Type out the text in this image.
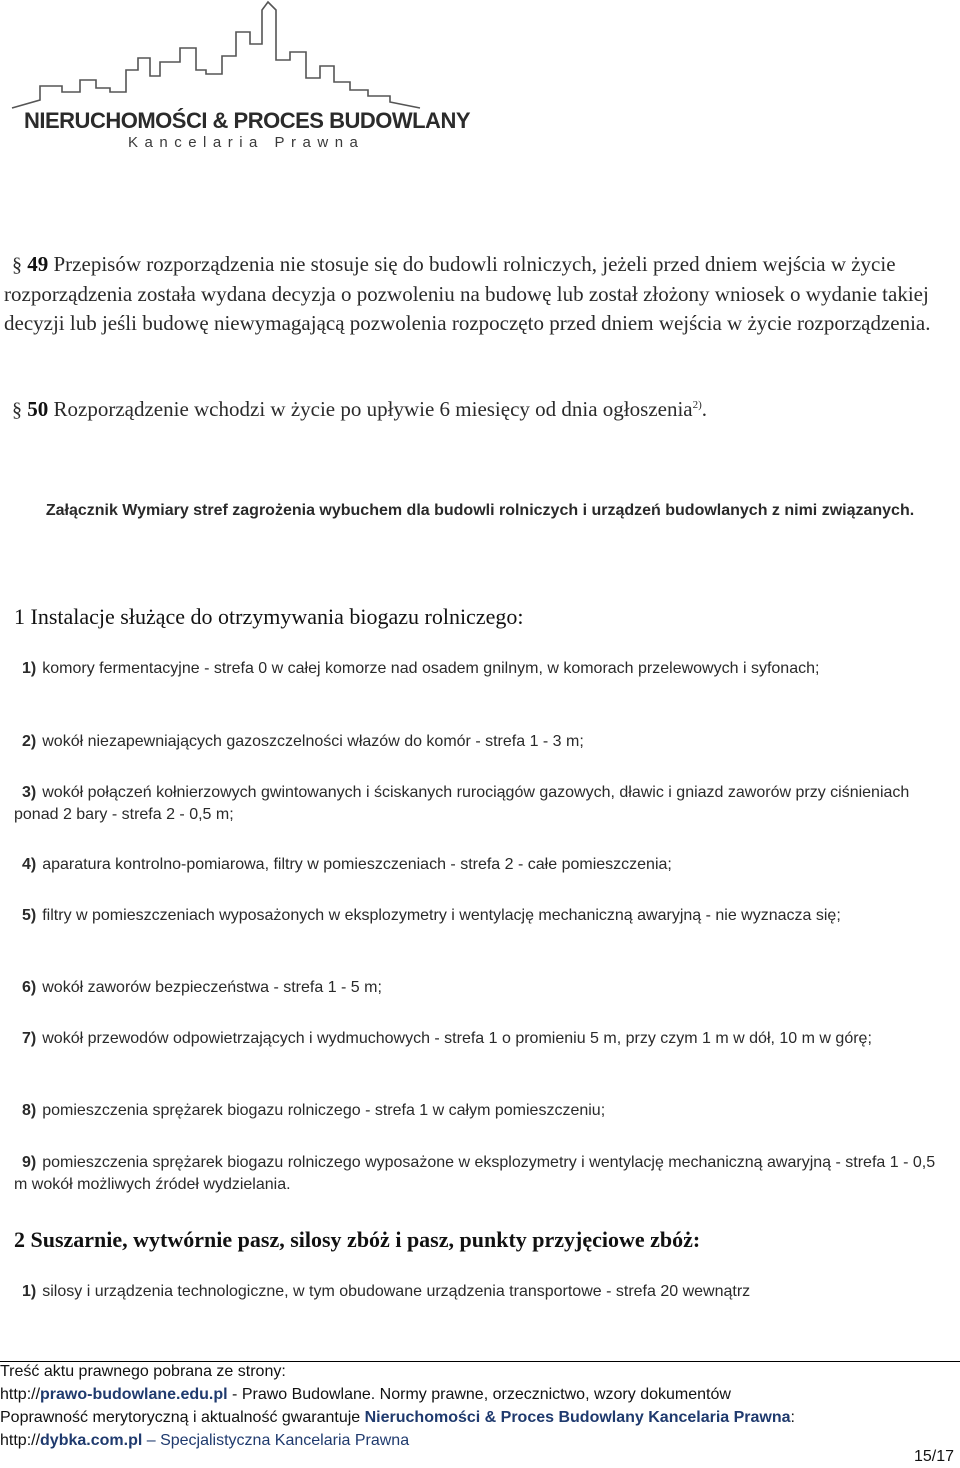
NIERUCHOMOŚCI & PROCES BUDOWLANY
Kancelaria Prawna
§ 49 Przepisów rozporządzenia nie stosuje się do budowli rolniczych, jeżeli przed dniem wejścia w życie rozporządzenia została wydana decyzja o pozwoleniu na budowę lub został złożony wniosek o wydanie takiej decyzji lub jeśli budowę niewymagającą pozwolenia rozpoczęto przed dniem wejścia w życie rozporządzenia.
§ 50 Rozporządzenie wchodzi w życie po upływie 6 miesięcy od dnia ogłoszenia$^{2)}$.
Załącznik Wymiary stref zagrożenia wybuchem dla budowli rolniczych i urządzeń budowlanych z nimi związanych.
1 Instalacje służące do otrzymywania biogazu rolniczego:
1) komory fermentacyjne - strefa 0 w całej komorze nad osadem gnilnym, w komorach przelewowych i syfonach;
2) wokół niezapewniających gazoszczelności włazów do komór - strefa 1 - 3 m;
3) wokół połączeń kołnierzowych gwintowanych i ściskanych rurociągów gazowych, dławic i gniazd zaworów przy ciśnieniach ponad 2 bary - strefa 2 - 0,5 m;
4) aparatura kontrolno-pomiarowa, filtry w pomieszczeniach - strefa 2 - całe pomieszczenia;
5) filtry w pomieszczeniach wyposażonych w eksplozymetry i wentylację mechaniczną awaryjną - nie wyznacza się;
6) wokół zaworów bezpieczeństwa - strefa 1 - 5 m;
7) wokół przewodów odpowietrzających i wydmuchowych - strefa 1 o promieniu 5 m, przy czym 1 m w dół, 10 m w górę;
8) pomieszczenia sprężarek biogazu rolniczego - strefa 1 w całym pomieszczeniu;
9) pomieszczenia sprężarek biogazu rolniczego wyposażone w eksplozymetry i wentylację mechaniczną awaryjną - strefa 1 - 0,5 m wokół możliwych źródeł wydzielania.
2 Suszarnie, wytwórnie pasz, silosy zbóż i pasz, punkty przyjęciowe zbóż:
1) silosy i urządzenia technologiczne, w tym obudowane urządzenia transportowe - strefa 20 wewnątrz
Treść aktu prawnego pobrana ze strony:
http://prawo-budowlane.edu.pl - Prawo Budowlane. Normy prawne, orzecznictwo, wzory dokumentów
Poprawność merytoryczną i aktualność gwarantuje Nieruchomości & Proces Budowlany Kancelaria Prawna:
http://dybka.com.pl – Specjalistyczna Kancelaria Prawna
15/17
